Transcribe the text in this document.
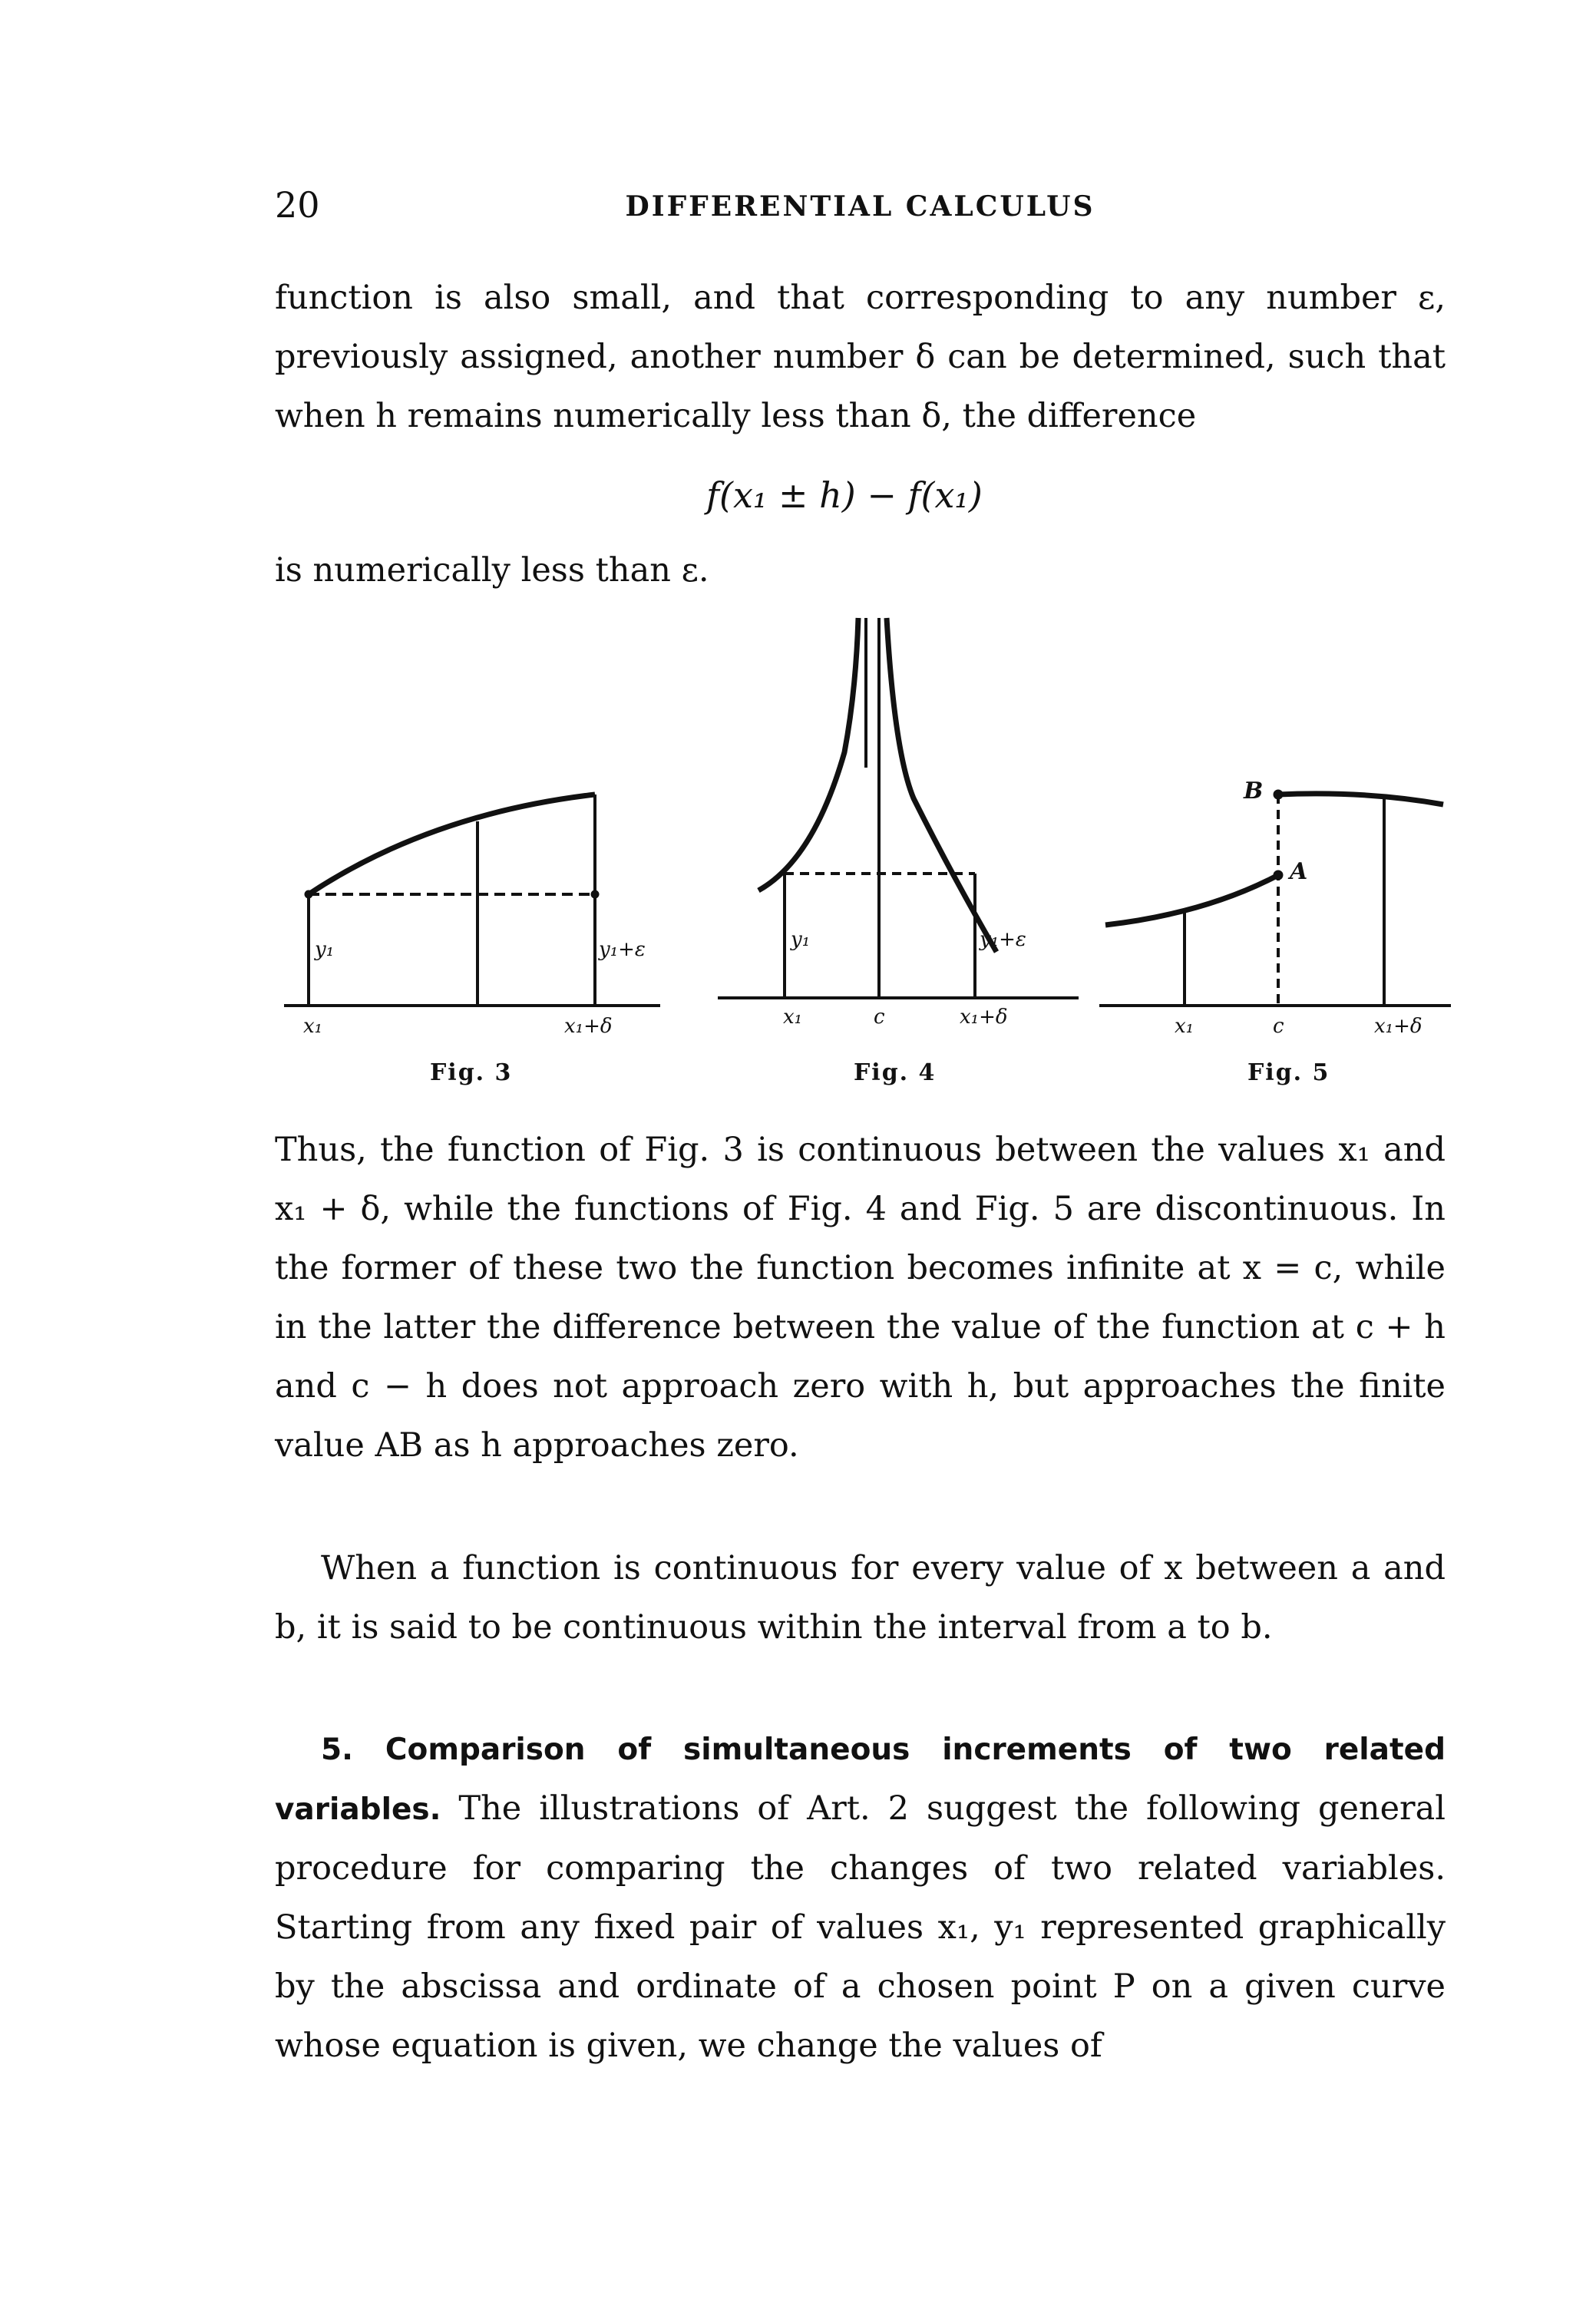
20	DIFFERENTIAL CALCULUS

function is also small, and that corresponding to any number ε, previously assigned, another number δ can be determined, such that when h remains numerically less than δ, the difference

f(x₁ ± h) − f(x₁)

is numerically less than ε.

y₁	y₁+ε
x₁	x₁+δ
y₁	y₁+ε
x₁	c	x₁+δ
B
A
x₁	c	x₁+δ
Fig. 3	Fig. 4	Fig. 5

Thus, the function of Fig. 3 is continuous between the values x₁ and x₁ + δ, while the functions of Fig. 4 and Fig. 5 are discontinuous. In the former of these two the function becomes infinite at x = c, while in the latter the difference between the value of the function at c + h and c − h does not approach zero with h, but approaches the finite value AB as h approaches zero.

When a function is continuous for every value of x between a and b, it is said to be continuous within the interval from a to b.

5. Comparison of simultaneous increments of two related variables. The illustrations of Art. 2 suggest the following general procedure for comparing the changes of two related variables. Starting from any fixed pair of values x₁, y₁ represented graphically by the abscissa and ordinate of a chosen point P on a given curve whose equation is given, we change the values of
